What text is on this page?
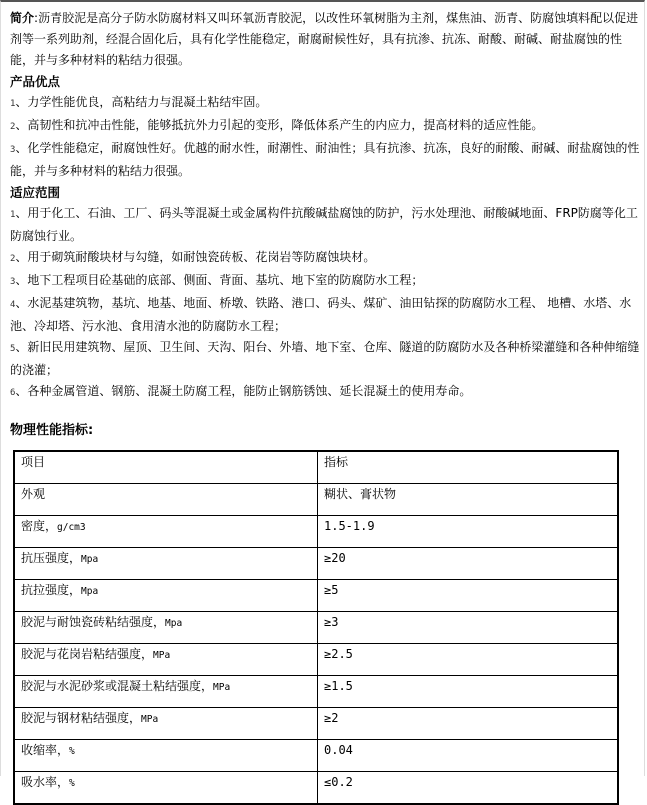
简介:沥青胶泥是高分子防水防腐材料又叫环氧沥青胶泥，以改性环氧树脂为主剂，煤焦油、沥青、防腐蚀填料配以促进剂等一系列助剂，经混合固化后，具有化学性能稳定，耐腐耐候性好，具有抗渗、抗冻、耐酸、耐碱、耐盐腐蚀的性能，并与多种材料的粘结力很强。

产品优点

1、力学性能优良，高粘结力与混凝土粘结牢固。

2、高韧性和抗冲击性能，能够抵抗外力引起的变形，降低体系产生的内应力，提高材料的适应性能。

3、化学性能稳定，耐腐蚀性好。优越的耐水性，耐潮性、耐油性；具有抗渗、抗冻，良好的耐酸、耐碱、耐盐腐蚀的性能，并与多种材料的粘结力很强。

适应范围

1、用于化工、石油、工厂、码头等混凝土或金属构件抗酸碱盐腐蚀的防护，污水处理池、耐酸碱地面、FRP防腐等化工防腐蚀行业。

2、用于砌筑耐酸块材与勾缝，如耐蚀瓷砖板、花岗岩等防腐蚀块材。

3、地下工程项目砼基础的底部、侧面、背面、基坑、地下室的防腐防水工程；

4、水泥基建筑物，基坑、地基、地面、桥墩、铁路、港口、码头、煤矿、油田钻探的防腐防水工程、 地槽、水塔、水池、冷却塔、污水池、食用清水池的防腐防水工程；

5、新旧民用建筑物、屋顶、卫生间、天沟、阳台、外墙、地下室、仓库、隧道的防腐防水及各种桥梁灌缝和各种伸缩缝的浇灌；

6、各种金属管道、钢筋、混凝土防腐工程，能防止钢筋锈蚀、延长混凝土的使用寿命。

物理性能指标:

项目	指标
外观	糊状、膏状物
密度，g/cm3	1.5-1.9
抗压强度，Mpa	≥20
抗拉强度，Mpa	≥5
胶泥与耐蚀瓷砖粘结强度，Mpa	≥3
胶泥与花岗岩粘结强度，MPa	≥2.5
胶泥与水泥砂浆或混凝土粘结强度，MPa	≥1.5
胶泥与钢材粘结强度，MPa	≥2
收缩率，%	0.04
吸水率，%	≤0.2
